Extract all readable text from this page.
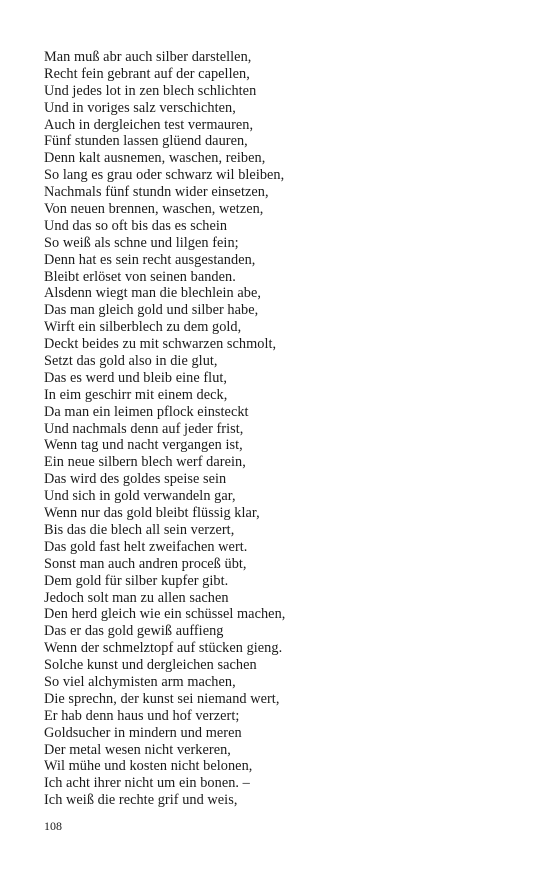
Man muß abr auch silber darstellen,
Recht fein gebrant auf der capellen,
Und jedes lot in zen blech schlichten
Und in voriges salz verschichten,
Auch in dergleichen test vermauren,
Fünf stunden lassen glüend dauren,
Denn kalt ausnemen, waschen, reiben,
So lang es grau oder schwarz wil bleiben,
Nachmals fünf stundn wider einsetzen,
Von neuen brennen, waschen, wetzen,
Und das so oft bis das es schein
So weiß als schne und lilgen fein;
Denn hat es sein recht ausgestanden,
Bleibt erlöset von seinen banden.
Alsdenn wiegt man die blechlein abe,
Das man gleich gold und silber habe,
Wirft ein silberblech zu dem gold,
Deckt beides zu mit schwarzen schmolt,
Setzt das gold also in die glut,
Das es werd und bleib eine flut,
In eim geschirr mit einem deck,
Da man ein leimen pflock einsteckt
Und nachmals denn auf jeder frist,
Wenn tag und nacht vergangen ist,
Ein neue silbern blech werf darein,
Das wird des goldes speise sein
Und sich in gold verwandeln gar,
Wenn nur das gold bleibt flüssig klar,
Bis das die blech all sein verzert,
Das gold fast helt zweifachen wert.
Sonst man auch andren proceß übt,
Dem gold für silber kupfer gibt.
Jedoch solt man zu allen sachen
Den herd gleich wie ein schüssel machen,
Das er das gold gewiß auffieng
Wenn der schmelztopf auf stücken gieng.
Solche kunst und dergleichen sachen
So viel alchymisten arm machen,
Die sprechn, der kunst sei niemand wert,
Er hab denn haus und hof verzert;
Goldsucher in mindern und meren
Der metal wesen nicht verkeren,
Wil mühe und kosten nicht belonen,
Ich acht ihrer nicht um ein bonen. –
Ich weiß die rechte grif und weis,
108
